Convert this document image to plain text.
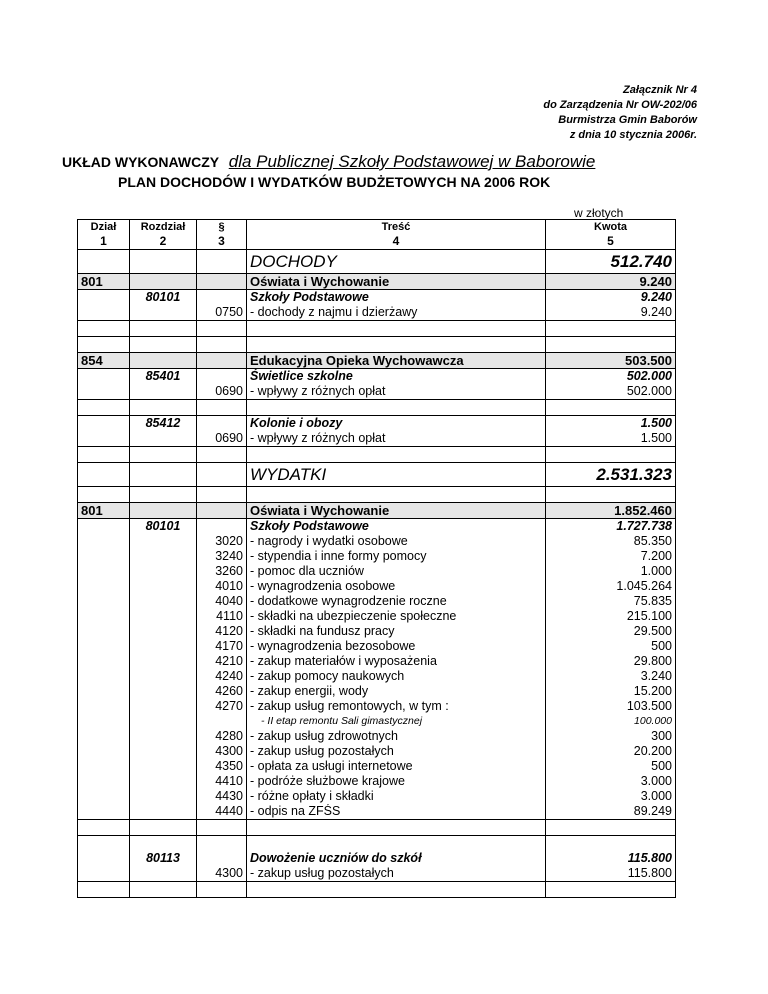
Załącznik Nr 4
do Zarządzenia Nr OW-202/06
Burmistrza Gmin Baborów
z dnia 10 stycznia 2006r.
UKŁAD WYKONAWCZY dla Publicznej Szkoły Podstawowej w Baborowie
PLAN DOCHODÓW I WYDATKÓW BUDŻETOWYCH NA 2006 ROK
w złotych
Dział	Rozdział	§	Treść	Kwota
1	2	3	4	5
			DOCHODY	512.740
801			Oświata i Wychowanie	9.240
	80101		Szkoły Podstawowe	9.240
		0750	- dochody z najmu i dzierżawy	9.240

854			Edukacyjna Opieka Wychowawcza	503.500
	85401		Świetlice szkolne	502.000
		0690	- wpływy z różnych opłat	502.000

	85412		Kolonie i obozy	1.500
		0690	- wpływy z różnych opłat	1.500

			WYDATKI	2.531.323

801			Oświata i Wychowanie	1.852.460
	80101		Szkoły Podstawowe	1.727.738
		3020	- nagrody i wydatki osobowe	85.350
		3240	- stypendia i inne formy pomocy	7.200
		3260	- pomoc dla uczniów	1.000
		4010	- wynagrodzenia osobowe	1.045.264
		4040	- dodatkowe wynagrodzenie roczne	75.835
		4110	- składki na ubezpieczenie społeczne	215.100
		4120	- składki na fundusz pracy	29.500
		4170	- wynagrodzenia bezosobowe	500
		4210	- zakup materiałów i wyposażenia	29.800
		4240	- zakup pomocy naukowych	3.240
		4260	- zakup energii, wody	15.200
		4270	- zakup usług remontowych, w tym :	103.500
			- II etap remontu Sali gimastycznej	100.000
		4280	- zakup usług zdrowotnych	300
		4300	- zakup usług pozostałych	20.200
		4350	- opłata za usługi internetowe	500
		4410	- podróże służbowe krajowe	3.000
		4430	- różne opłaty i składki	3.000
		4440	- odpis na ZFŚS	89.249

	80113		Dowożenie uczniów do szkół	115.800
		4300	- zakup usług pozostałych	115.800
